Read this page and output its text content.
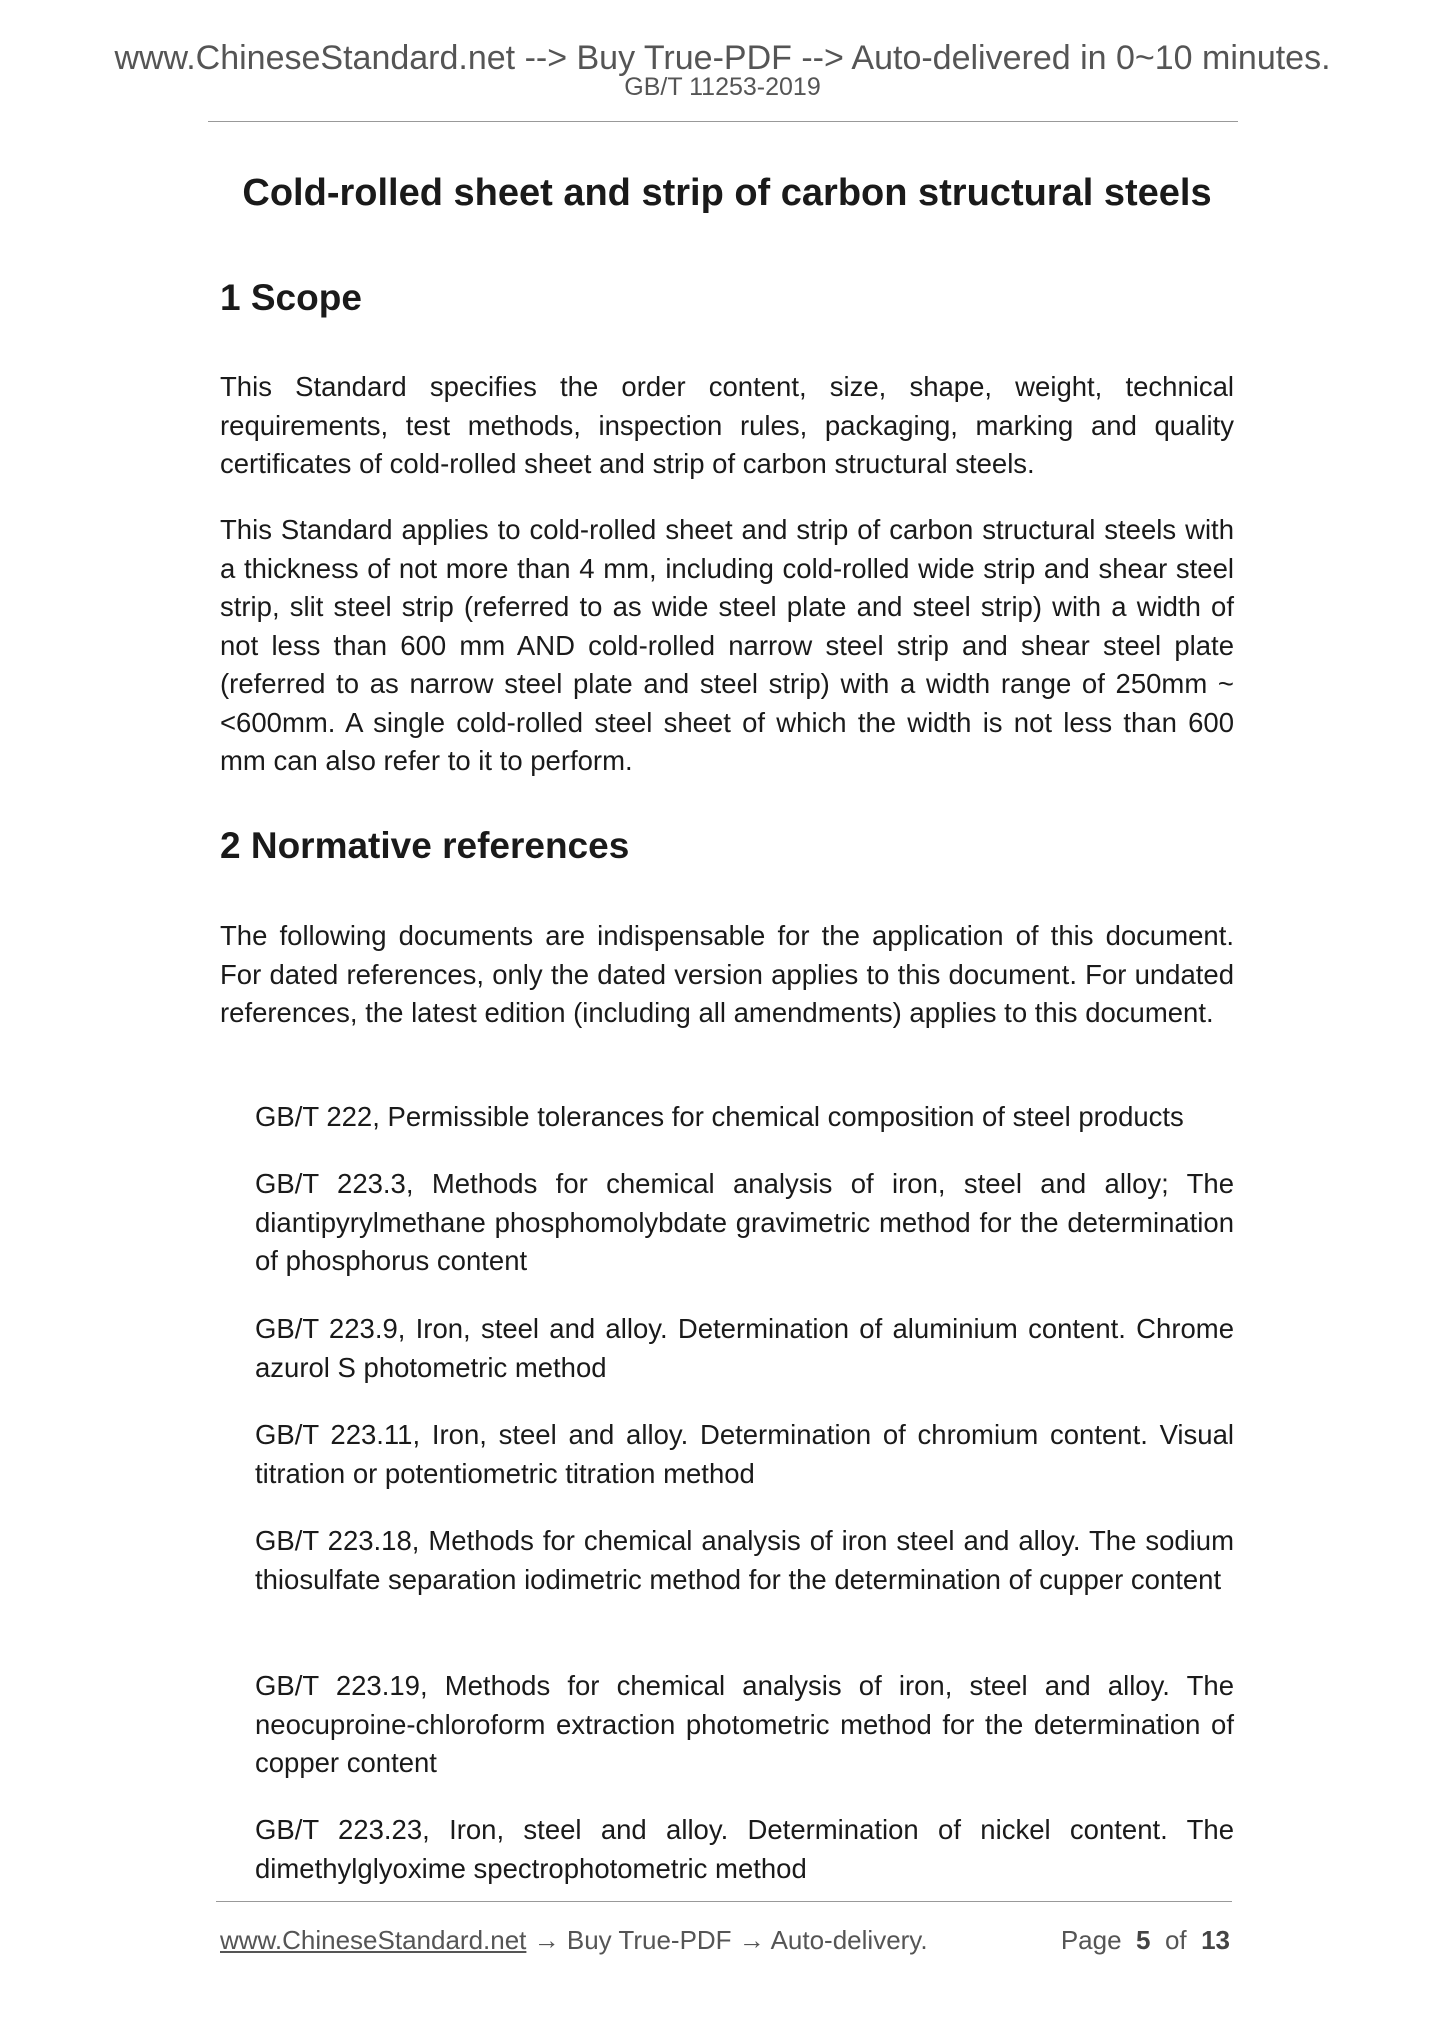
www.ChineseStandard.net --> Buy True-PDF --> Auto-delivered in 0~10 minutes.
GB/T 11253-2019
Cold-rolled sheet and strip of carbon structural steels
1 Scope

This Standard specifies the order content, size, shape, weight, technical requirements, test methods, inspection rules, packaging, marking and quality certificates of cold-rolled sheet and strip of carbon structural steels.

This Standard applies to cold-rolled sheet and strip of carbon structural steels with a thickness of not more than 4 mm, including cold-rolled wide strip and shear steel strip, slit steel strip (referred to as wide steel plate and steel strip) with a width of not less than 600 mm AND cold-rolled narrow steel strip and shear steel plate (referred to as narrow steel plate and steel strip) with a width range of 250mm ~ <600mm. A single cold-rolled steel sheet of which the width is not less than 600 mm can also refer to it to perform.

2 Normative references

The following documents are indispensable for the application of this document. For dated references, only the dated version applies to this document. For undated references, the latest edition (including all amendments) applies to this document.

GB/T 222, Permissible tolerances for chemical composition of steel products

GB/T 223.3, Methods for chemical analysis of iron, steel and alloy; The diantipyrylmethane phosphomolybdate gravimetric method for the determination of phosphorus content

GB/T 223.9, Iron, steel and alloy. Determination of aluminium content. Chrome azurol S photometric method

GB/T 223.11, Iron, steel and alloy. Determination of chromium content. Visual titration or potentiometric titration method

GB/T 223.18, Methods for chemical analysis of iron steel and alloy. The sodium thiosulfate separation iodimetric method for the determination of cupper content

GB/T 223.19, Methods for chemical analysis of iron, steel and alloy. The neocuproine-chloroform extraction photometric method for the determination of copper content

GB/T 223.23, Iron, steel and alloy. Determination of nickel content. The dimethylglyoxime spectrophotometric method

www.ChineseStandard.net → Buy True-PDF → Auto-delivery.	Page 5 of 13
